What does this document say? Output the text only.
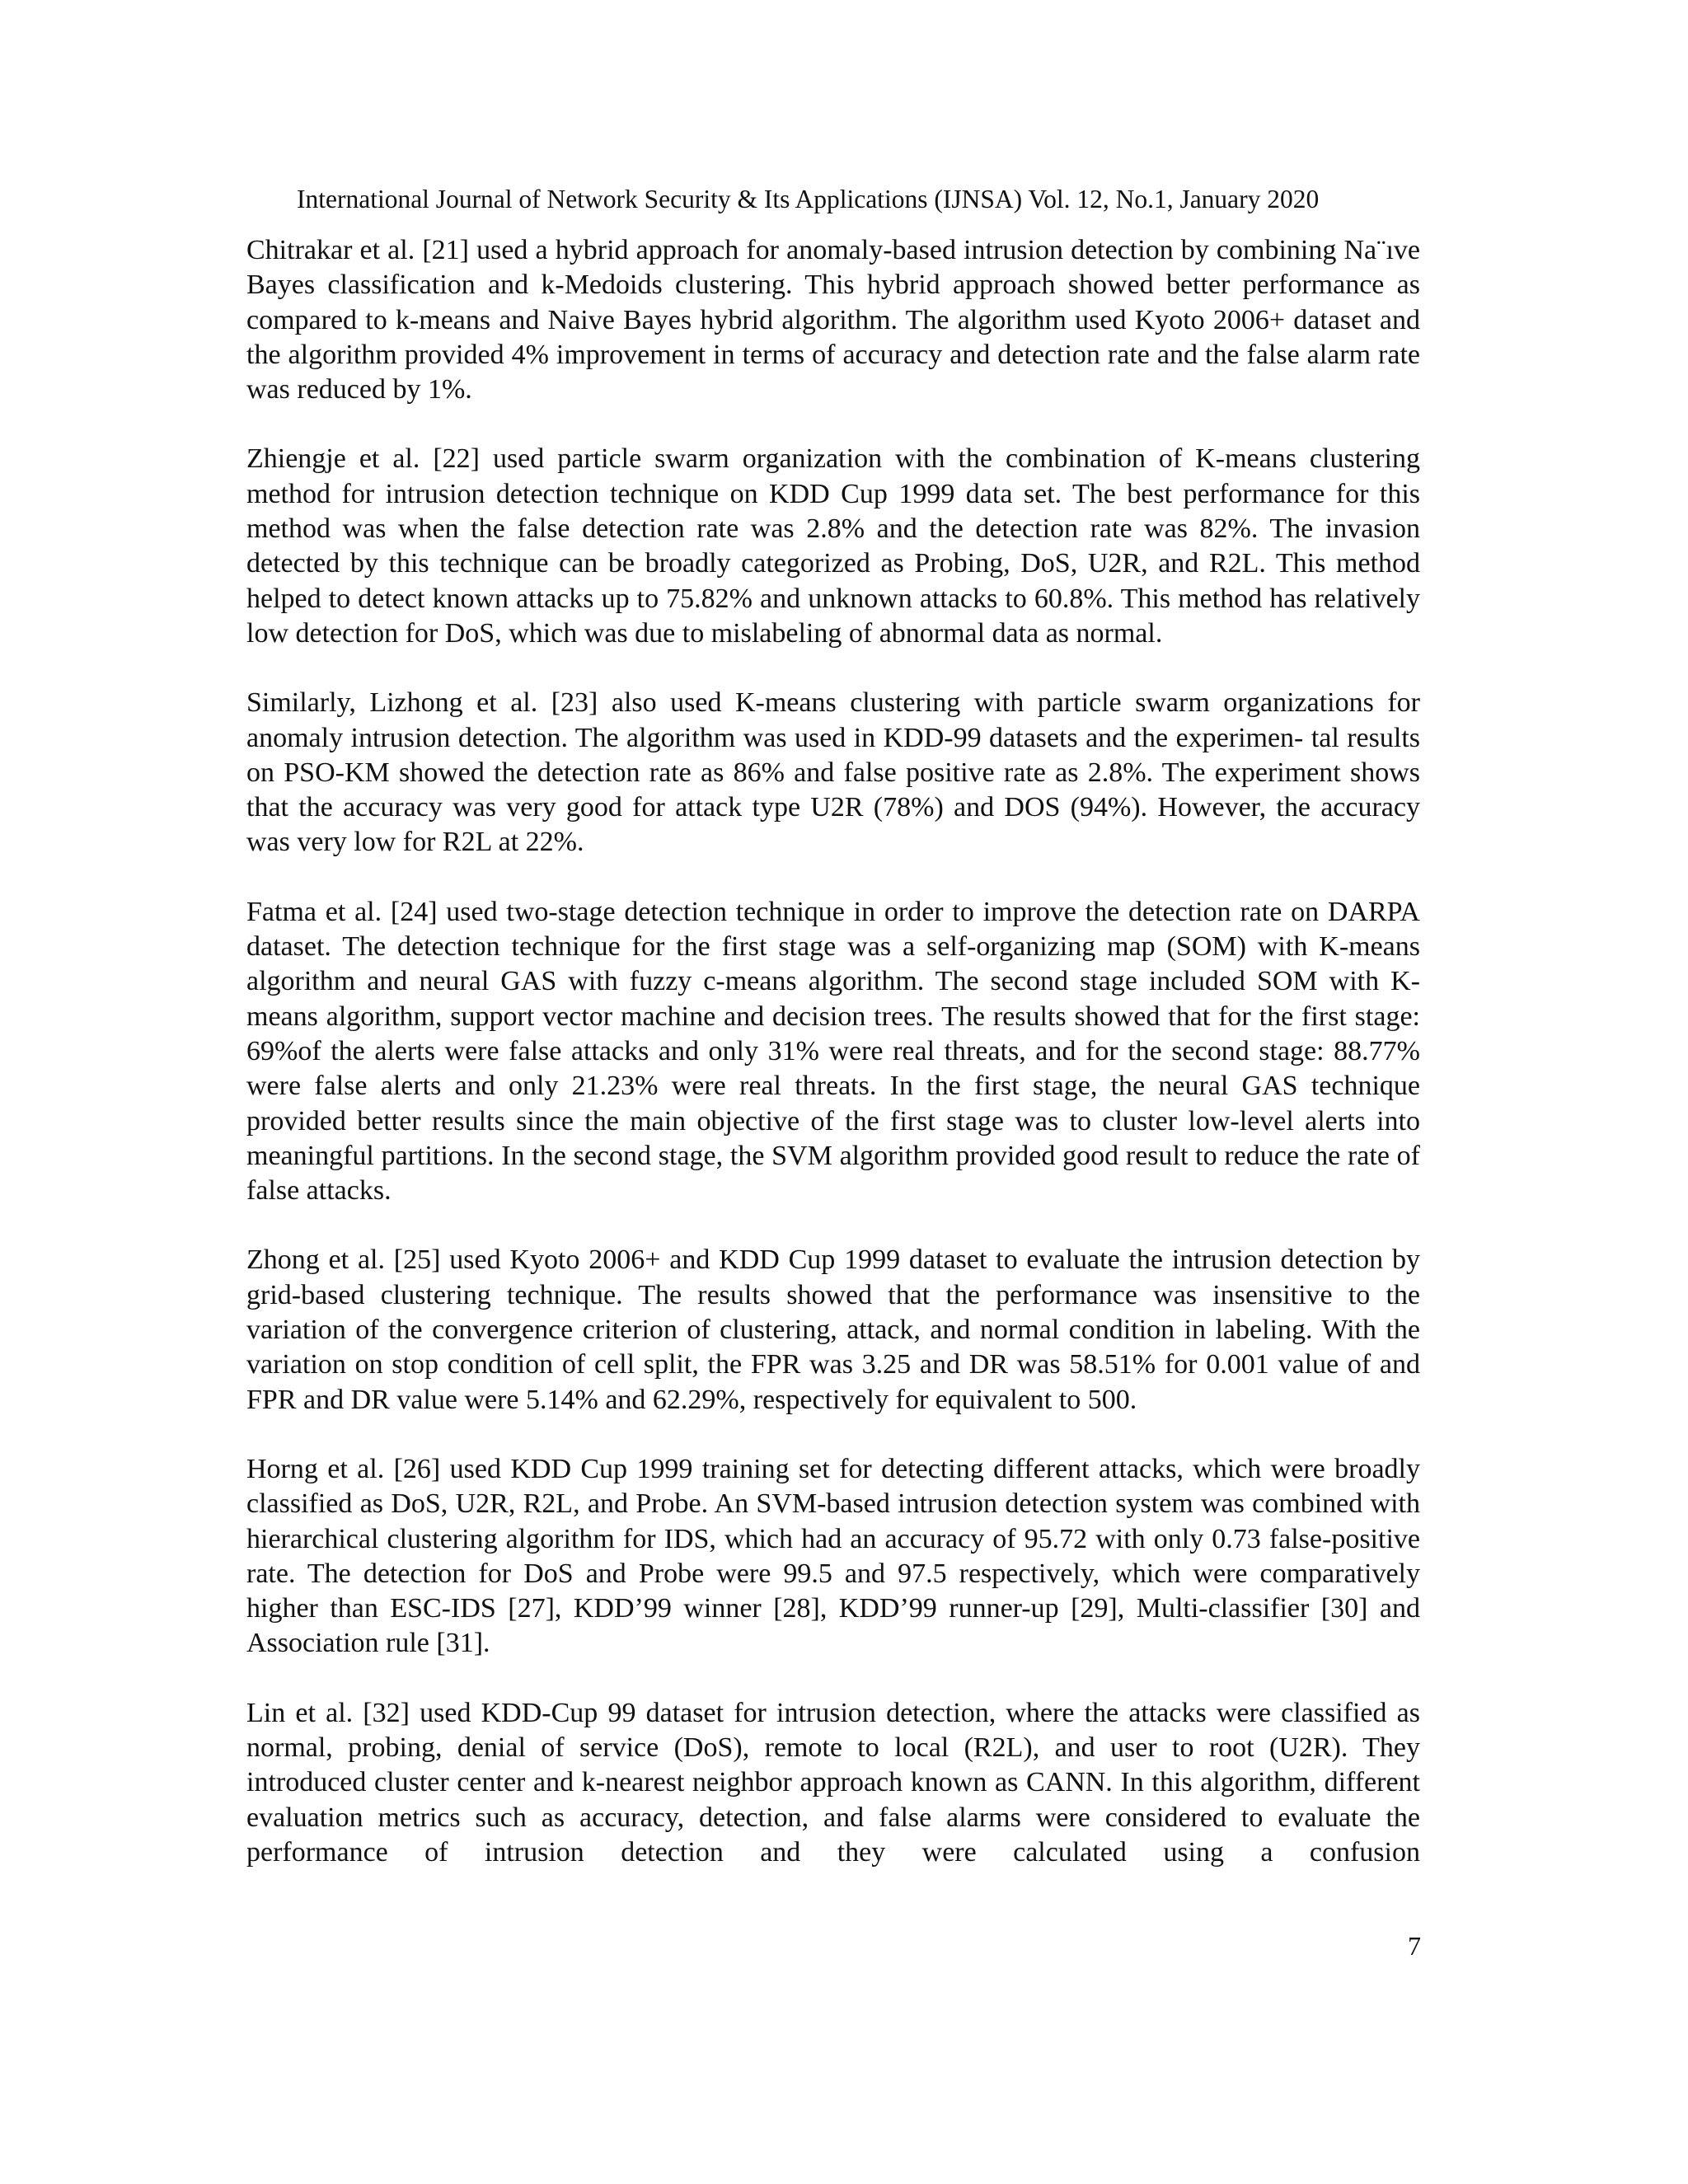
International Journal of Network Security & Its Applications (IJNSA) Vol. 12, No.1, January 2020

Chitrakar et al. [21] used a hybrid approach for anomaly-based intrusion detection by combining Na¨ıve Bayes classification and k-Medoids clustering. This hybrid approach showed better performance as compared to k-means and Naive Bayes hybrid algorithm. The algorithm used Kyoto 2006+ dataset and the algorithm provided 4% improvement in terms of accuracy and detection rate and the false alarm rate was reduced by 1%.

Zhiengje et al. [22] used particle swarm organization with the combination of K-means clustering method for intrusion detection technique on KDD Cup 1999 data set. The best performance for this method was when the false detection rate was 2.8% and the detection rate was 82%. The invasion detected by this technique can be broadly categorized as Probing, DoS, U2R, and R2L. This method helped to detect known attacks up to 75.82% and unknown attacks to 60.8%. This method has relatively low detection for DoS, which was due to mislabeling of abnormal data as normal.

Similarly, Lizhong et al. [23] also used K-means clustering with particle swarm organizations for anomaly intrusion detection. The algorithm was used in KDD-99 datasets and the experimen- tal results on PSO-KM showed the detection rate as 86% and false positive rate as 2.8%. The experiment shows that the accuracy was very good for attack type U2R (78%) and DOS (94%). However, the accuracy was very low for R2L at 22%.

Fatma et al. [24] used two-stage detection technique in order to improve the detection rate on DARPA dataset. The detection technique for the first stage was a self-organizing map (SOM) with K-means algorithm and neural GAS with fuzzy c-means algorithm. The second stage included SOM with K-means algorithm, support vector machine and decision trees. The results showed that for the first stage: 69%of the alerts were false attacks and only 31% were real threats, and for the second stage: 88.77% were false alerts and only 21.23% were real threats. In the first stage, the neural GAS technique provided better results since the main objective of the first stage was to cluster low-level alerts into meaningful partitions. In the second stage, the SVM algorithm provided good result to reduce the rate of false attacks.

Zhong et al. [25] used Kyoto 2006+ and KDD Cup 1999 dataset to evaluate the intrusion detection by grid-based clustering technique. The results showed that the performance was insensitive to the variation of the convergence criterion of clustering, attack, and normal condition in labeling. With the variation on stop condition of cell split, the FPR was 3.25 and DR was 58.51% for 0.001 value of and FPR and DR value were 5.14% and 62.29%, respectively for equivalent to 500.

Horng et al. [26] used KDD Cup 1999 training set for detecting different attacks, which were broadly classified as DoS, U2R, R2L, and Probe. An SVM-based intrusion detection system was combined with hierarchical clustering algorithm for IDS, which had an accuracy of 95.72 with only 0.73 false-positive rate. The detection for DoS and Probe were 99.5 and 97.5 respectively, which were comparatively higher than ESC-IDS [27], KDD’99 winner [28], KDD’99 runner-up [29], Multi-classifier [30] and Association rule [31].

Lin et al. [32] used KDD-Cup 99 dataset for intrusion detection, where the attacks were classified as normal, probing, denial of service (DoS), remote to local (R2L), and user to root (U2R). They introduced cluster center and k-nearest neighbor approach known as CANN. In this algorithm, different evaluation metrics such as accuracy, detection, and false alarms were considered to evaluate the performance of intrusion detection and they were calculated using a confusion

7
